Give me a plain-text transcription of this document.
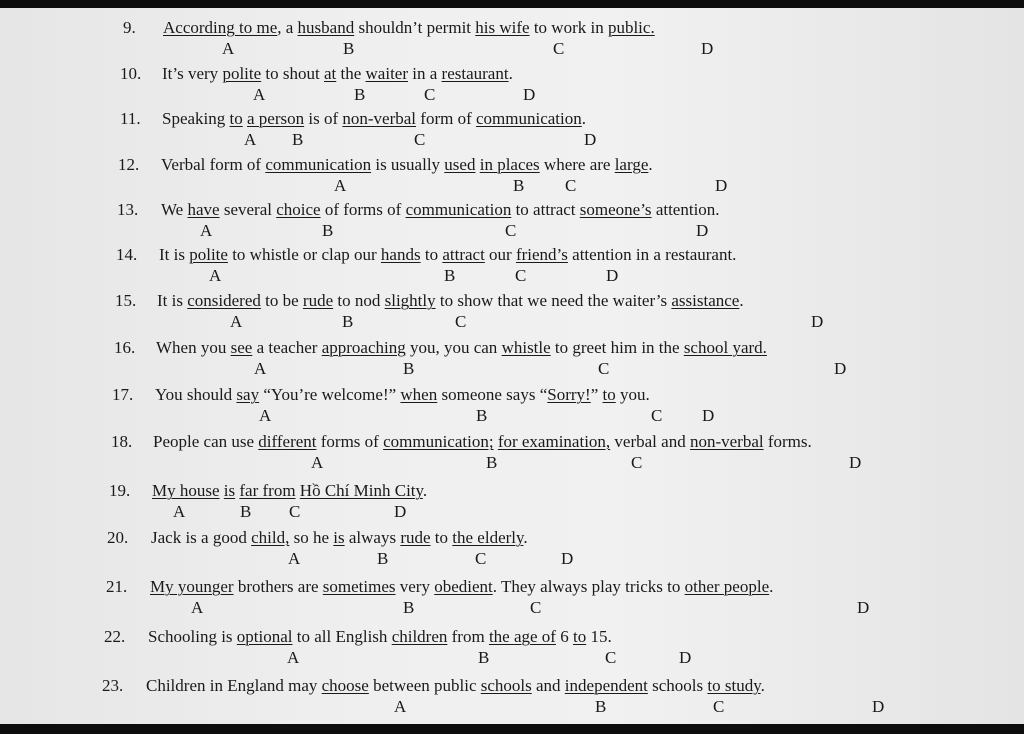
9. According to me, a husband shouldn’t permit his wife to work in public.
A	B	C	D
10. It’s very polite to shout at the waiter in a restaurant.
A	B	C	D
11. Speaking to a person is of non-verbal form of communication.
A B	C	D
12. Verbal form of communication is usually used in places where are large.
A	B C	D
13. We have several choice of forms of communication to attract someone’s attention.
A	B	C	D
14. It is polite to whistle or clap our hands to attract our friend’s attention in a restaurant.
A	B	C	D
15. It is considered to be rude to nod slightly to show that we need the waiter’s assistance.
A	B	C	D
16. When you see a teacher approaching you, you can whistle to greet him in the school yard.
A	B	C	D
17. You should say “You’re welcome!” when someone says “Sorry!” to you.
A	B	C D
18. People can use different forms of communication; for examination, verbal and non-verbal forms.
A	B	C	D
19. My house is far from Hồ Chí Minh City.
A	B C	D
20. Jack is a good child, so he is always rude to the elderly.
A	B	C	D
21. My younger brothers are sometimes very obedient. They always play tricks to other people.
A	B	C	D
22. Schooling is optional to all English children from the age of 6 to 15.
A	B	C	D
23. Children in England may choose between public schools and independent schools to study.
A	B	C	D
